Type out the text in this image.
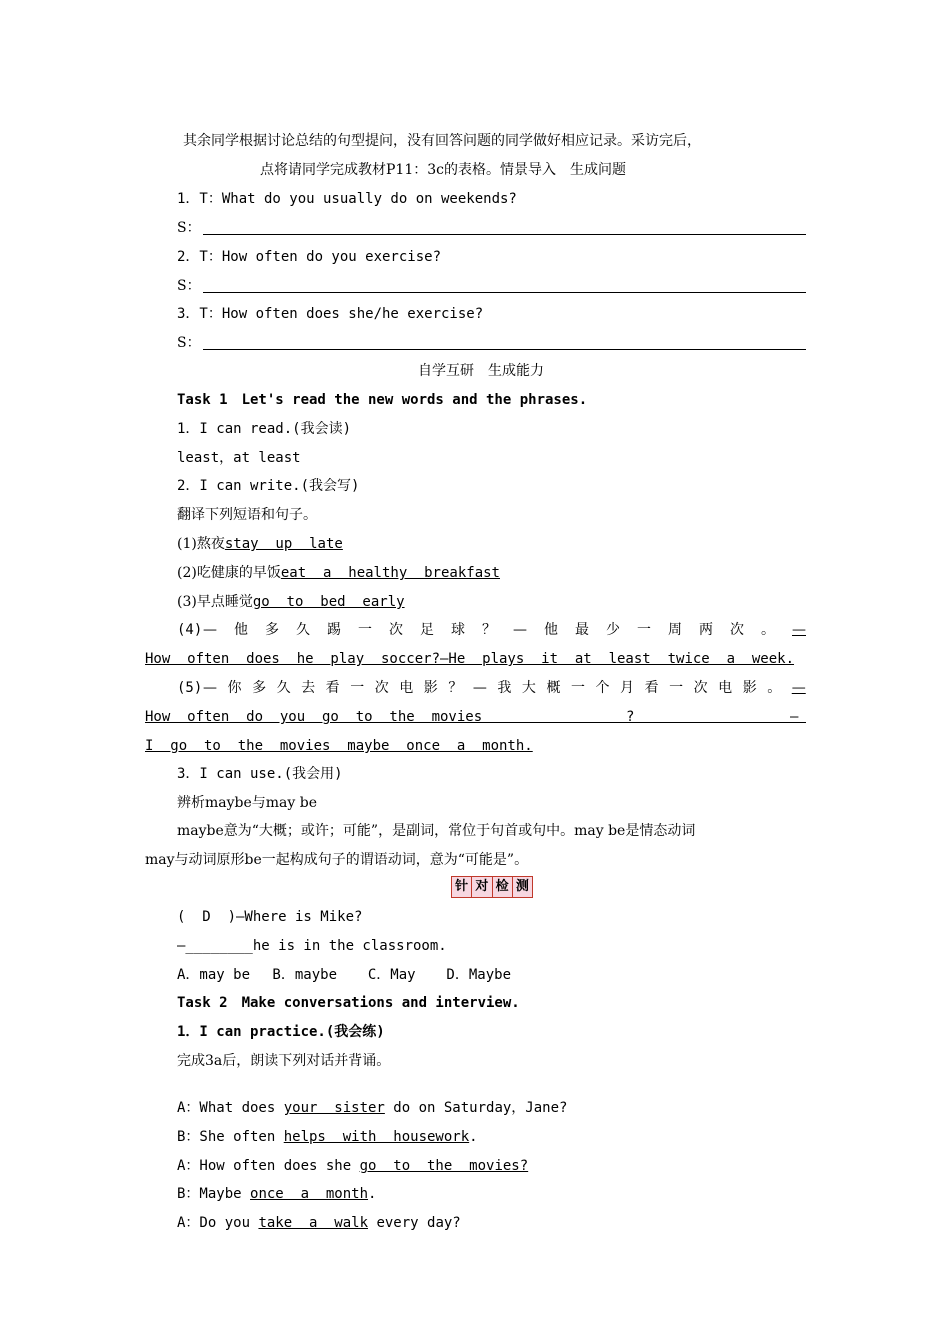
其余同学根据讨论总结的句型提问，没有回答问题的同学做好相应记录。采访完后，
点将请同学完成教材P11：3c的表格。情景导入　生成问题
1．T：What do you usually do on weekends?
S：
2．T：How often do you exercise?
S：
3．T：How often does she/he exercise?
S：
自学互研　生成能力
Task 1　Let's read the new words and the phrases.
1．I can read.(我会读)
least，at least
2．I can write.(我会写)
翻译下列短语和句子。
(1)熬夜stay  up  late
(2)吃健康的早饭eat  a  healthy  breakfast
(3)早点睡觉go  to  bed  early
(4) — 他 多 久 踢 一 次 足 球 ？ — 他 最 少 一 周 两 次 。 —
How  often  does  he  play  soccer?—He  plays  it  at  least  twice  a  week.
(5) — 你 多 久 去 看 一 次 电 影 ？ — 我 大 概 一 个 月 看 一 次 电 影 。 —
How  often  do  you  go  to  the  movies	?	—
I  go  to  the  movies  maybe  once  a  month.
3．I can use.(我会用)
辨析maybe与may be
maybe意为“大概；或许；可能”，是副词，常位于句首或句中。may be是情态动词
may与动词原形be一起构成句子的谓语动词，意为“可能是”。
针 对 检 测
(  D  )—Where is Mike?
—________he is in the classroom.
A．may be　 B．maybe　  C．May　  D．Maybe
Task 2　Make conversations and interview.
1．I can practice.(我会练)
完成3a后，朗读下列对话并背诵。

A：What does your  sister do on Saturday，Jane?

B：She often helps  with  housework.

A：How often does she go  to  the  movies?

B：Maybe once  a  month.

A：Do you take  a  walk every day?
